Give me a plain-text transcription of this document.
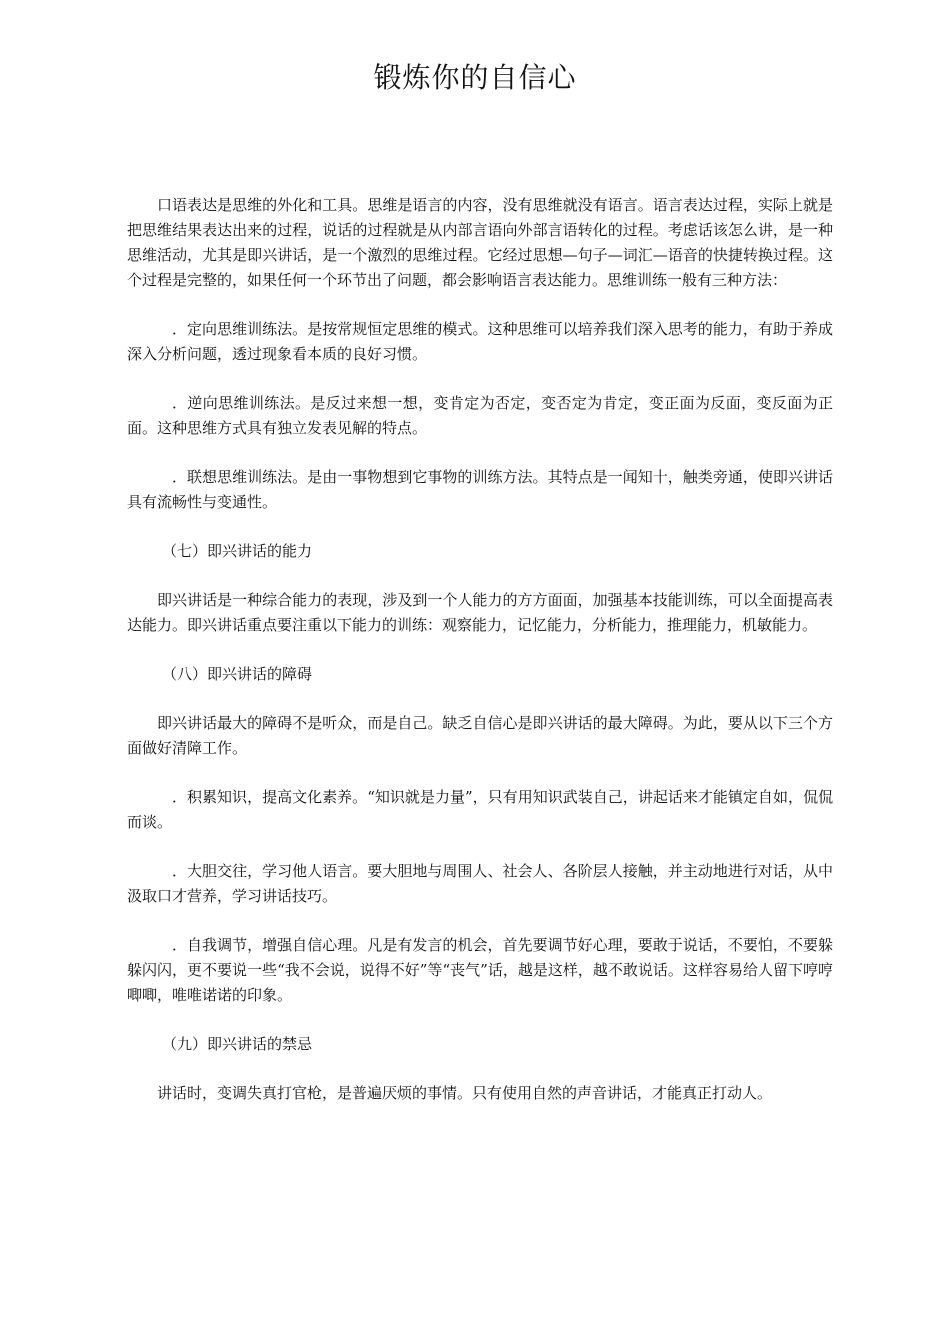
锻炼你的自信心

口语表达是思维的外化和工具。思维是语言的内容，没有思维就没有语言。语言表达过程，实际上就是把思维结果表达出来的过程，说话的过程就是从内部言语向外部言语转化的过程。考虑话该怎么讲，是一种思维活动，尤其是即兴讲话，是一个激烈的思维过程。它经过思想—句子—词汇—语音的快捷转换过程。这个过程是完整的，如果任何一个环节出了问题，都会影响语言表达能力。思维训练一般有三种方法：

．定向思维训练法。是按常规恒定思维的模式。这种思维可以培养我们深入思考的能力，有助于养成深入分析问题，透过现象看本质的良好习惯。

．逆向思维训练法。是反过来想一想，变肯定为否定，变否定为肯定，变正面为反面，变反面为正面。这种思维方式具有独立发表见解的特点。

．联想思维训练法。是由一事物想到它事物的训练方法。其特点是一闻知十，触类旁通，使即兴讲话具有流畅性与变通性。

（七）即兴讲话的能力

即兴讲话是一种综合能力的表现，涉及到一个人能力的方方面面，加强基本技能训练，可以全面提高表达能力。即兴讲话重点要注重以下能力的训练：观察能力，记忆能力，分析能力，推理能力，机敏能力。

（八）即兴讲话的障碍

即兴讲话最大的障碍不是听众，而是自己。缺乏自信心是即兴讲话的最大障碍。为此，要从以下三个方面做好清障工作。

．积累知识，提高文化素养。“知识就是力量”，只有用知识武装自己，讲起话来才能镇定自如，侃侃而谈。

．大胆交往，学习他人语言。要大胆地与周围人、社会人、各阶层人接触，并主动地进行对话，从中汲取口才营养，学习讲话技巧。

．自我调节，增强自信心理。凡是有发言的机会，首先要调节好心理，要敢于说话，不要怕，不要躲躲闪闪，更不要说一些“我不会说，说得不好”等“丧气”话，越是这样，越不敢说话。这样容易给人留下哼哼唧唧，唯唯诺诺的印象。

（九）即兴讲话的禁忌

讲话时，变调失真打官枪，是普遍厌烦的事情。只有使用自然的声音讲话，才能真正打动人。
